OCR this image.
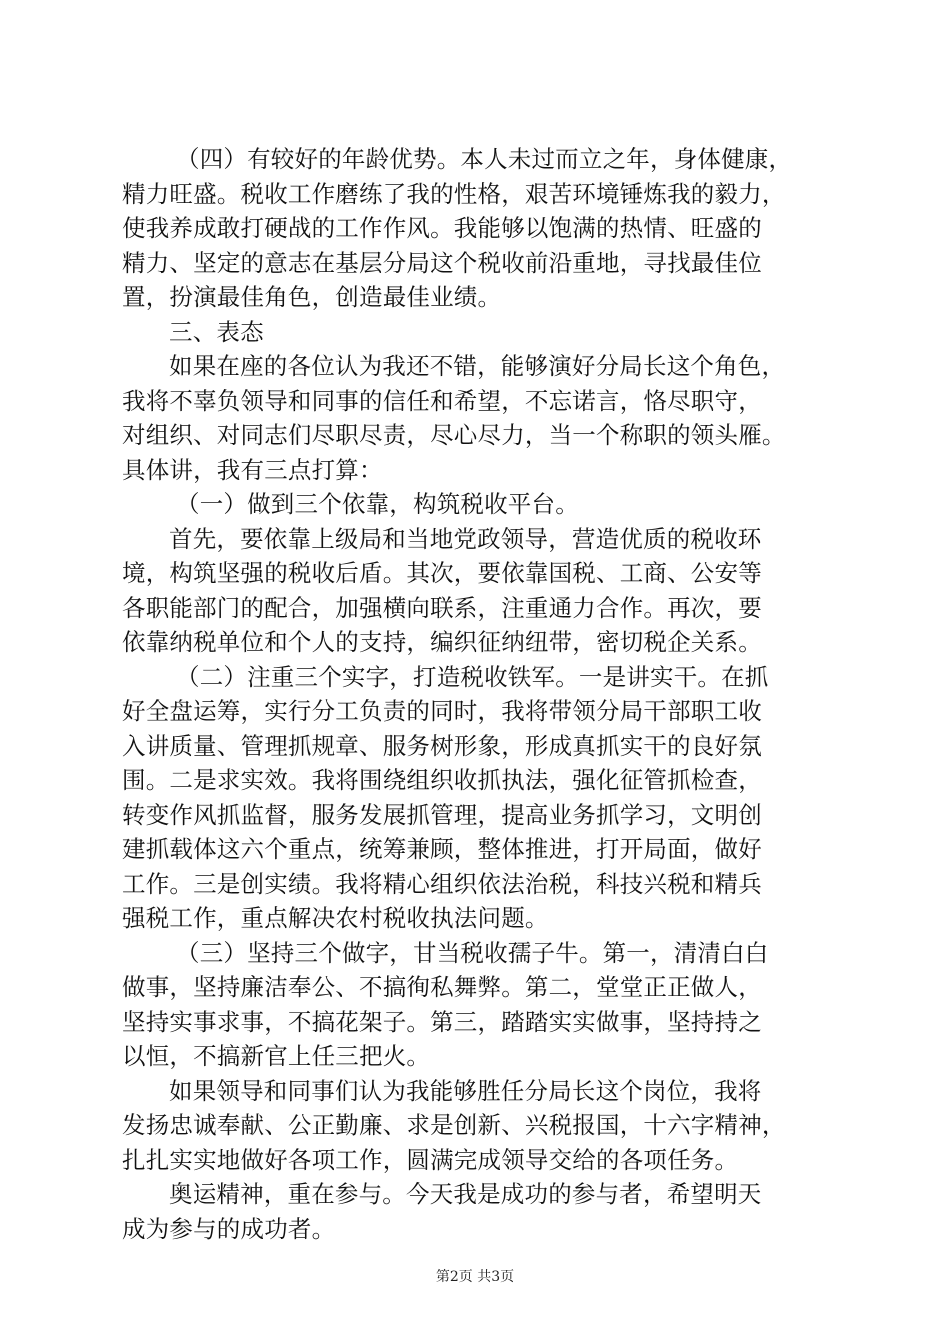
（四）有较好的年龄优势。本人未过而立之年，身体健康，
精力旺盛。税收工作磨练了我的性格，艰苦环境锤炼我的毅力，
使我养成敢打硬战的工作作风。我能够以饱满的热情、旺盛的
精力、坚定的意志在基层分局这个税收前沿重地，寻找最佳位
置，扮演最佳角色，创造最佳业绩。
三、表态
如果在座的各位认为我还不错，能够演好分局长这个角色，
我将不辜负领导和同事的信任和希望，不忘诺言，恪尽职守，
对组织、对同志们尽职尽责，尽心尽力，当一个称职的领头雁。
具体讲，我有三点打算：
（一）做到三个依靠，构筑税收平台。
首先，要依靠上级局和当地党政领导，营造优质的税收环
境，构筑坚强的税收后盾。其次，要依靠国税、工商、公安等
各职能部门的配合，加强横向联系，注重通力合作。再次，要
依靠纳税单位和个人的支持，编织征纳纽带，密切税企关系。
（二）注重三个实字，打造税收铁军。一是讲实干。在抓
好全盘运筹，实行分工负责的同时，我将带领分局干部职工收
入讲质量、管理抓规章、服务树形象，形成真抓实干的良好氛
围。二是求实效。我将围绕组织收抓执法，强化征管抓检查，
转变作风抓监督，服务发展抓管理，提高业务抓学习，文明创
建抓载体这六个重点，统筹兼顾，整体推进，打开局面，做好
工作。三是创实绩。我将精心组织依法治税，科技兴税和精兵
强税工作，重点解决农村税收执法问题。
（三）坚持三个做字，甘当税收孺子牛。第一，清清白白
做事，坚持廉洁奉公、不搞徇私舞弊。第二，堂堂正正做人，
坚持实事求事，不搞花架子。第三，踏踏实实做事，坚持持之
以恒，不搞新官上任三把火。
如果领导和同事们认为我能够胜任分局长这个岗位，我将
发扬忠诚奉献、公正勤廉、求是创新、兴税报国，十六字精神，
扎扎实实地做好各项工作，圆满完成领导交给的各项任务。
奥运精神，重在参与。今天我是成功的参与者，希望明天
成为参与的成功者。
第2页 共3页
